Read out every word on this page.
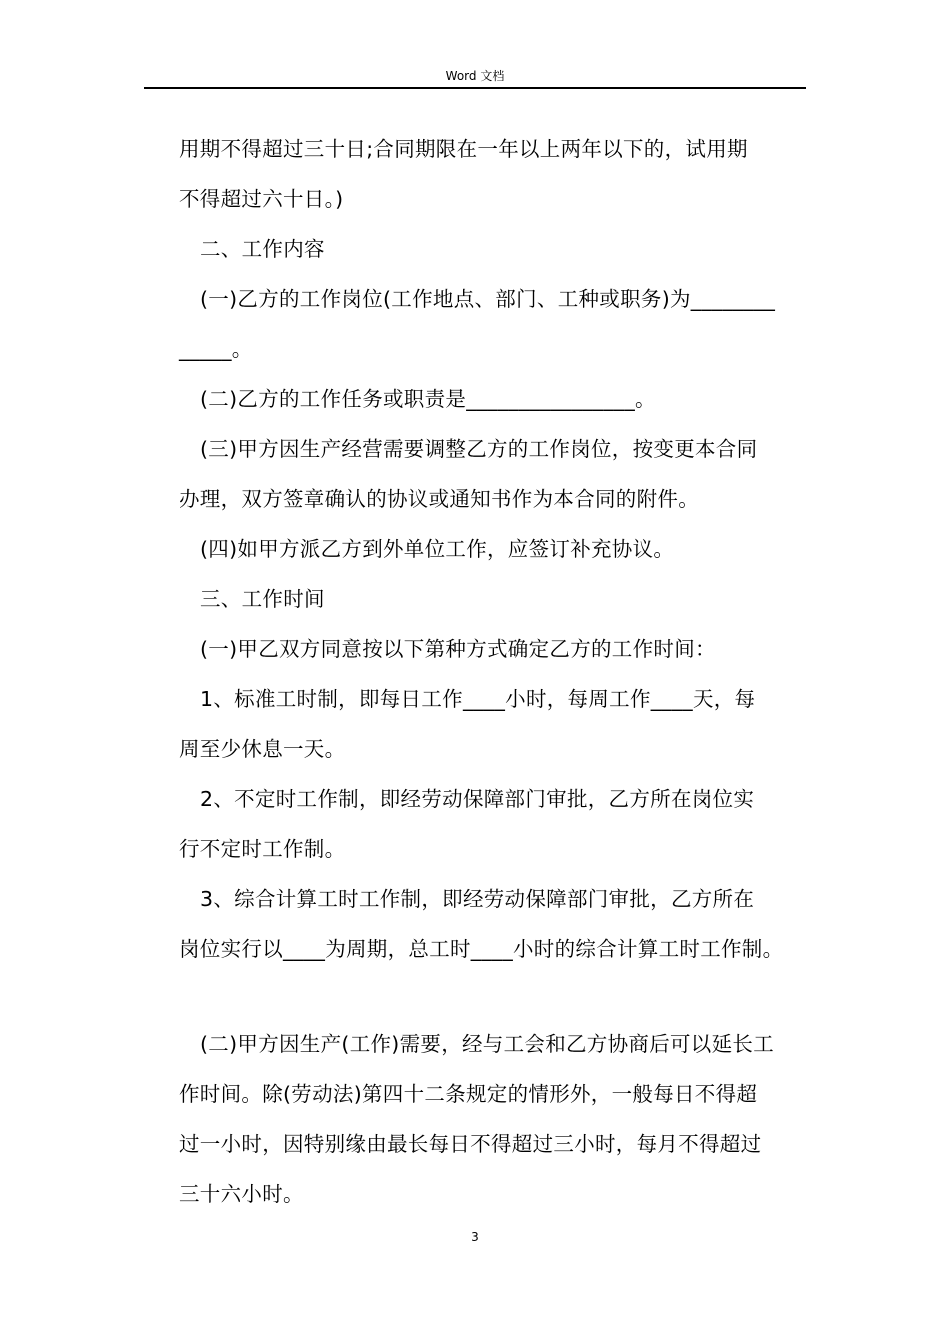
Word 文档
用期不得超过三十日;合同期限在一年以上两年以下的，试用期
不得超过六十日。)
二、工作内容
(一)乙方的工作岗位(工作地点、部门、工种或职务)为________
_____。
(二)乙方的工作任务或职责是________________。
(三)甲方因生产经营需要调整乙方的工作岗位，按变更本合同
办理，双方签章确认的协议或通知书作为本合同的附件。
(四)如甲方派乙方到外单位工作，应签订补充协议。
三、工作时间
(一)甲乙双方同意按以下第种方式确定乙方的工作时间：
1、标准工时制，即每日工作____小时，每周工作____天，每
周至少休息一天。
2、不定时工作制，即经劳动保障部门审批，乙方所在岗位实
行不定时工作制。
3、综合计算工时工作制，即经劳动保障部门审批，乙方所在
岗位实行以____为周期，总工时____小时的综合计算工时工作制。
(二)甲方因生产(工作)需要，经与工会和乙方协商后可以延长工
作时间。除(劳动法)第四十二条规定的情形外，一般每日不得超
过一小时，因特别缘由最长每日不得超过三小时，每月不得超过
三十六小时。
3
